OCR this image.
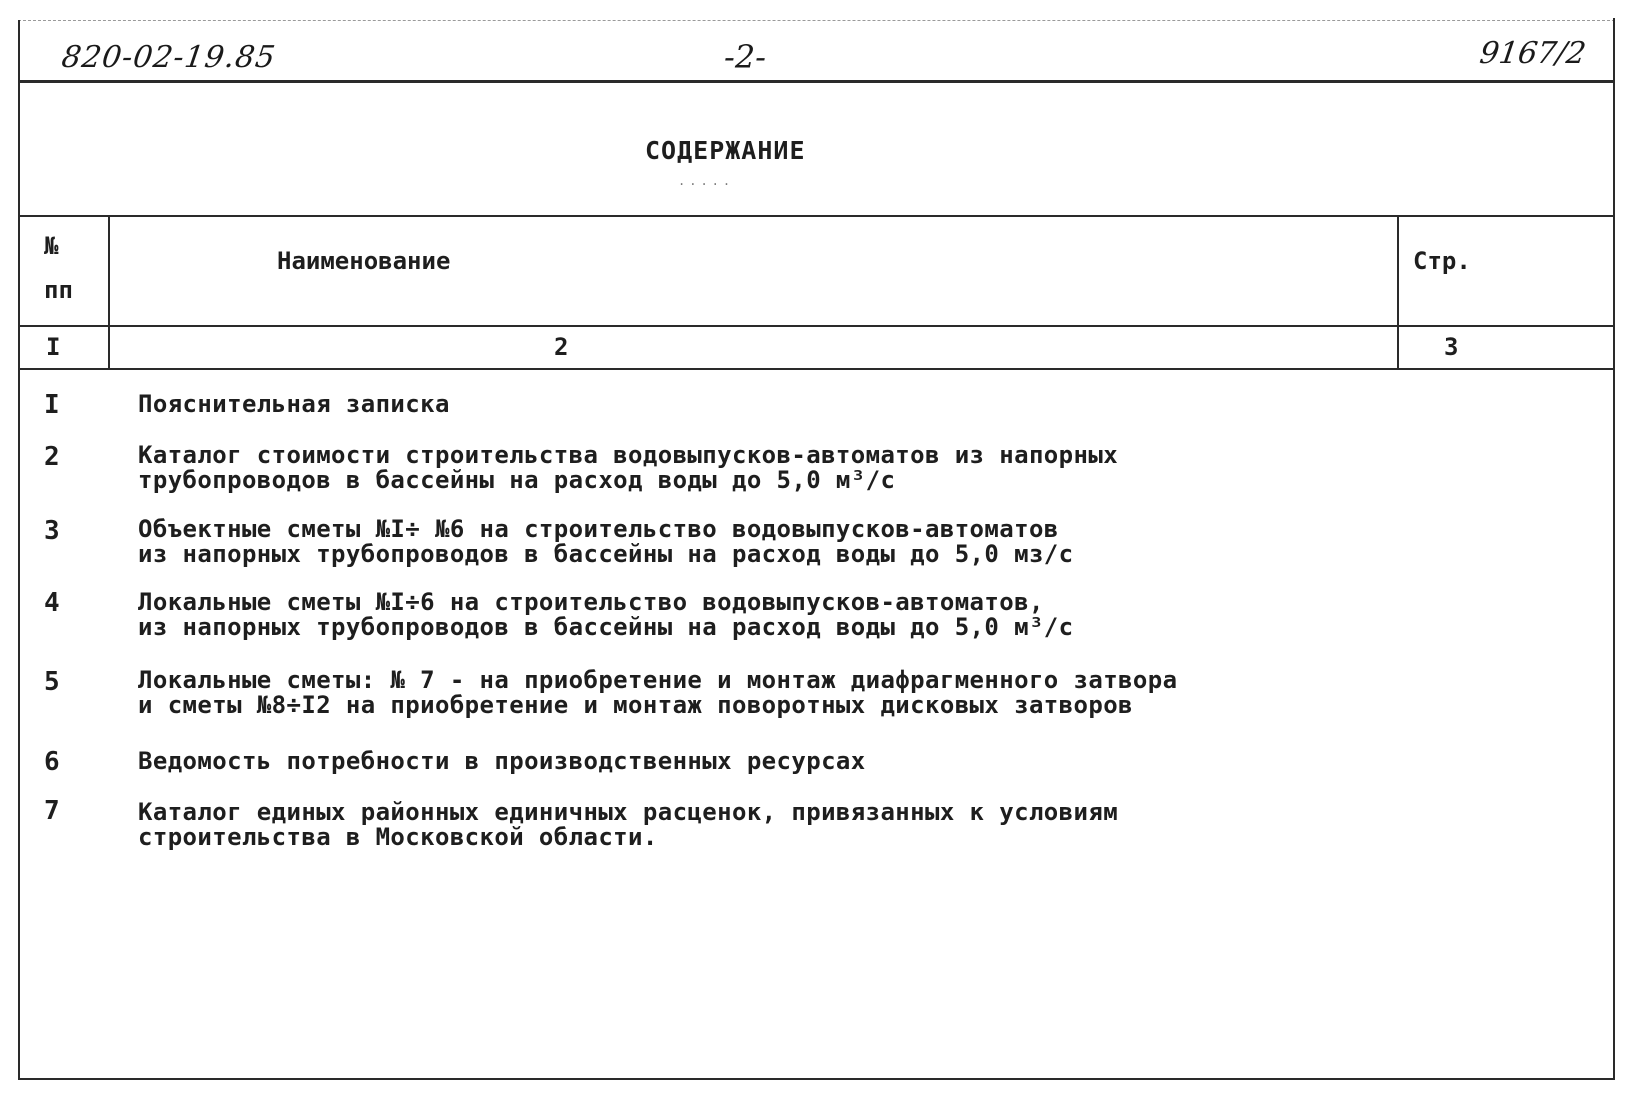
820-02-19.85	-2-	9167/2
СОДЕРЖАНИЕ
.....
№
пп
Наименование	Стр.
I	2	3
I	Пояснительная записка
2	Каталог стоимости строительства водовыпусков-автоматов из напорных
трубопроводов в бассейны на расход воды до 5,0 м³/с
3	Объектные сметы №I÷ №6 на строительство водовыпусков-автоматов
из напорных трубопроводов в бассейны на расход воды до 5,0 мз/с
4	Локальные сметы №I÷6 на строительство водовыпусков-автоматов,
из напорных трубопроводов в бассейны на расход воды до 5,0 м³/с
5	Локальные сметы: № 7 - на приобретение и монтаж диафрагменного затвора
и сметы №8÷I2 на приобретение и монтаж поворотных дисковых затворов
6	Ведомость потребности в производственных ресурсах
7	Каталог единых районных единичных расценок, привязанных к условиям
строительства в Московской области.
